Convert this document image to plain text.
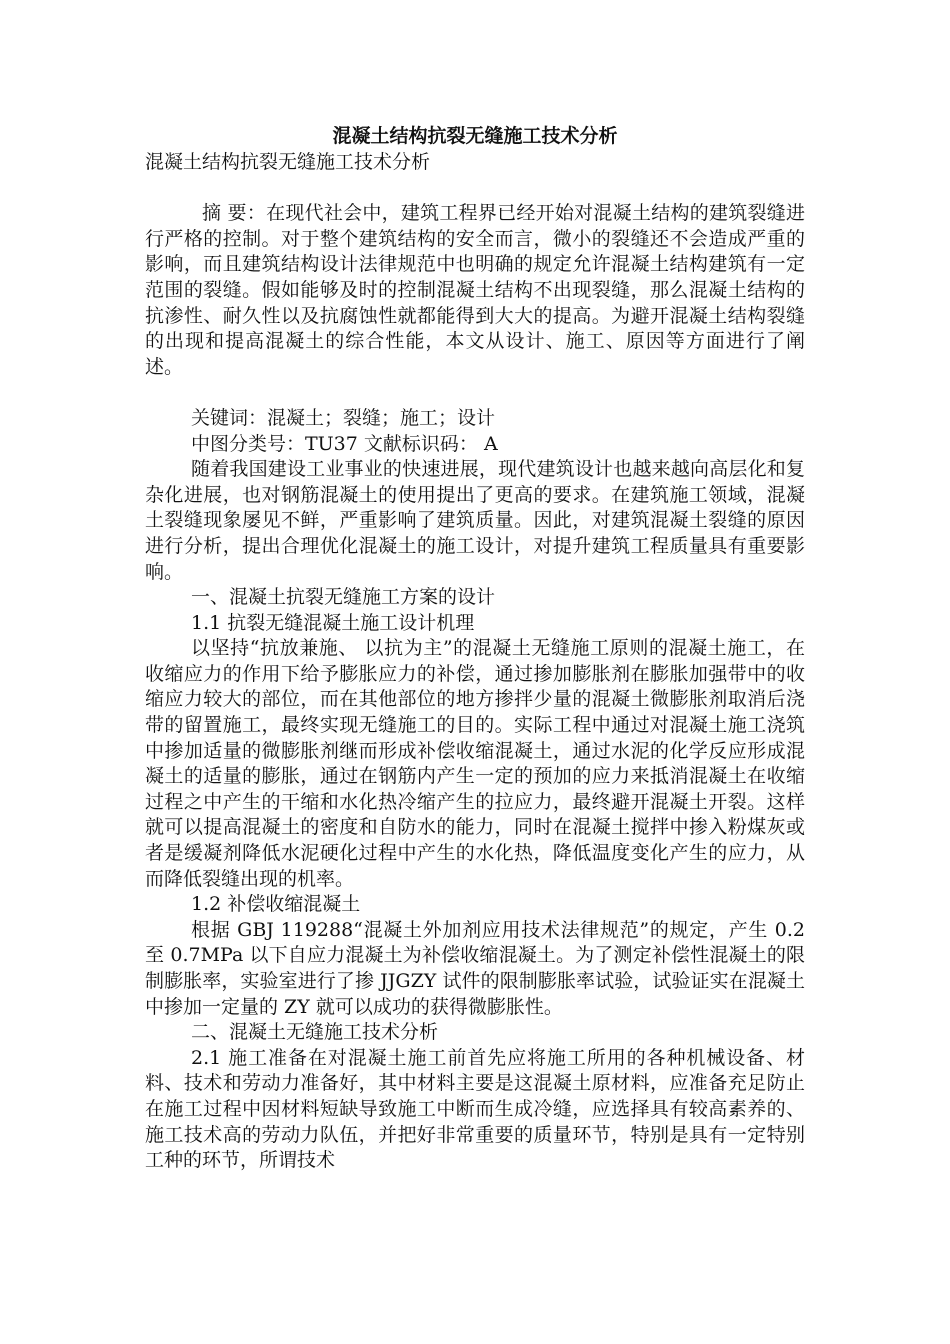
混凝土结构抗裂无缝施工技术分析

混凝土结构抗裂无缝施工技术分析

摘 要：在现代社会中，建筑工程界已经开始对混凝土结构的建筑裂缝进行严格的控制。对于整个建筑结构的安全而言，微小的裂缝还不会造成严重的影响，而且建筑结构设计法律规范中也明确的规定允许混凝土结构建筑有一定范围的裂缝。假如能够及时的控制混凝土结构不出现裂缝，那么混凝土结构的抗渗性、耐久性以及抗腐蚀性就都能得到大大的提高。为避开混凝土结构裂缝的出现和提高混凝土的综合性能，本文从设计、施工、原因等方面进行了阐述。

关键词：混凝土；裂缝；施工；设计

中图分类号：TU37 文献标识码： A

随着我国建设工业事业的快速进展，现代建筑设计也越来越向高层化和复杂化进展，也对钢筋混凝土的使用提出了更高的要求。在建筑施工领域，混凝土裂缝现象屡见不鲜，严重影响了建筑质量。因此，对建筑混凝土裂缝的原因进行分析，提出合理优化混凝土的施工设计，对提升建筑工程质量具有重要影响。

一、混凝土抗裂无缝施工方案的设计

1.1 抗裂无缝混凝土施工设计机理

以坚持“抗放兼施、 以抗为主”的混凝土无缝施工原则的混凝土施工，在收缩应力的作用下给予膨胀应力的补偿，通过掺加膨胀剂在膨胀加强带中的收缩应力较大的部位，而在其他部位的地方掺拌少量的混凝土微膨胀剂取消后浇带的留置施工，最终实现无缝施工的目的。实际工程中通过对混凝土施工浇筑中掺加适量的微膨胀剂继而形成补偿收缩混凝土，通过水泥的化学反应形成混凝土的适量的膨胀，通过在钢筋内产生一定的预加的应力来抵消混凝土在收缩过程之中产生的干缩和水化热冷缩产生的拉应力，最终避开混凝土开裂。这样就可以提高混凝土的密度和自防水的能力，同时在混凝土搅拌中掺入粉煤灰或者是缓凝剂降低水泥硬化过程中产生的水化热，降低温度变化产生的应力，从而降低裂缝出现的机率。

1.2 补偿收缩混凝土

根据 GBJ 119288“混凝土外加剂应用技术法律规范”的规定，产生 0.2 至 0.7MPa 以下自应力混凝土为补偿收缩混凝土。为了测定补偿性混凝土的限制膨胀率，实验室进行了掺 JJGZY 试件的限制膨胀率试验，试验证实在混凝土中掺加一定量的 ZY 就可以成功的获得微膨胀性。

二、混凝土无缝施工技术分析

2.1 施工准备在对混凝土施工前首先应将施工所用的各种机械设备、材料、技术和劳动力准备好，其中材料主要是这混凝土原材料，应准备充足防止在施工过程中因材料短缺导致施工中断而生成冷缝，应选择具有较高素养的、施工技术高的劳动力队伍，并把好非常重要的质量环节，特别是具有一定特别工种的环节，所谓技术
